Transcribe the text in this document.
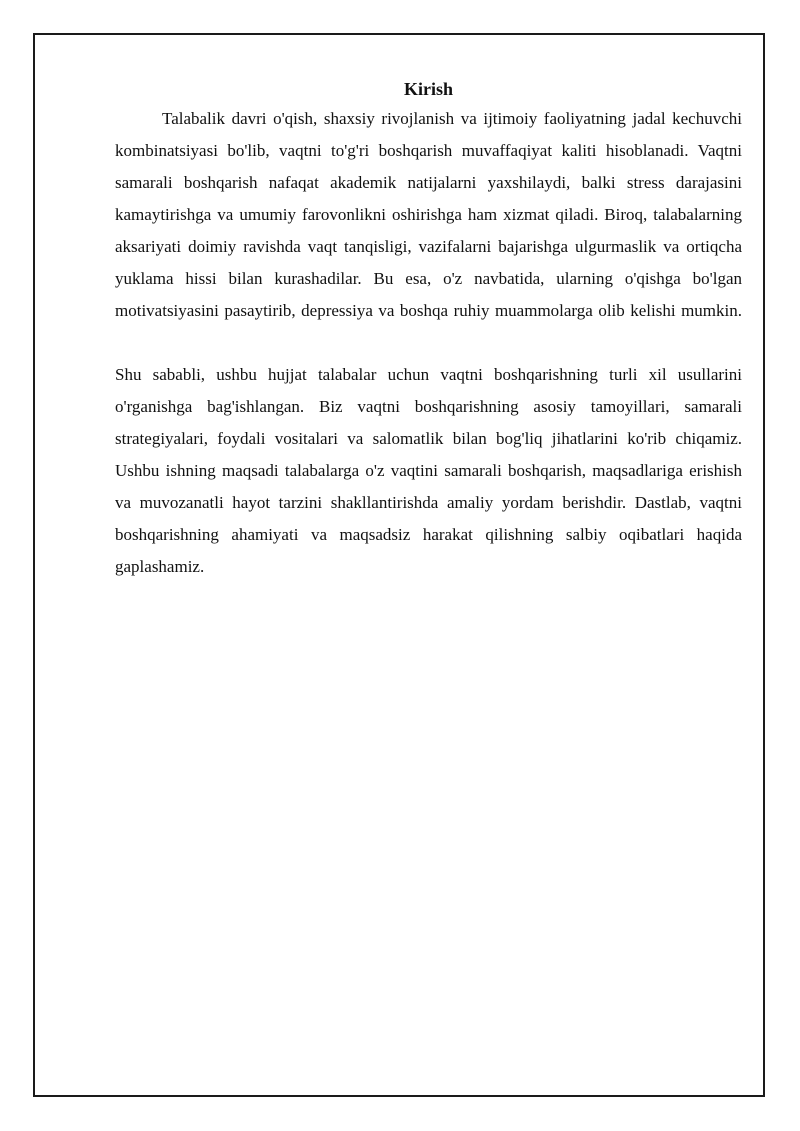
Kirish

Talabalik davri o'qish, shaxsiy rivojlanish va ijtimoiy faoliyatning jadal kechuvchi kombinatsiyasi bo'lib, vaqtni to'g'ri boshqarish muvaffaqiyat kaliti hisoblanadi. Vaqtni samarali boshqarish nafaqat akademik natijalarni yaxshilaydi, balki stress darajasini kamaytirishga va umumiy farovonlikni oshirishga ham xizmat qiladi. Biroq, talabalarning aksariyati doimiy ravishda vaqt tanqisligi, vazifalarni bajarishga ulgurmaslik va ortiqcha yuklama hissi bilan kurashadilar. Bu esa, o'z navbatida, ularning o'qishga bo'lgan motivatsiyasini pasaytirib, depressiya va boshqa ruhiy muammolarga olib kelishi mumkin.

Shu sababli, ushbu hujjat talabalar uchun vaqtni boshqarishning turli xil usullarini o'rganishga bag'ishlangan. Biz vaqtni boshqarishning asosiy tamoyillari, samarali strategiyalari, foydali vositalari va salomatlik bilan bog'liq jihatlarini ko'rib chiqamiz. Ushbu ishning maqsadi talabalarga o'z vaqtini samarali boshqarish, maqsadlariga erishish va muvozanatli hayot tarzini shakllantirishda amaliy yordam berishdir. Dastlab, vaqtni boshqarishning ahamiyati va maqsadsiz harakat qilishning salbiy oqibatlari haqida gaplashamiz.
